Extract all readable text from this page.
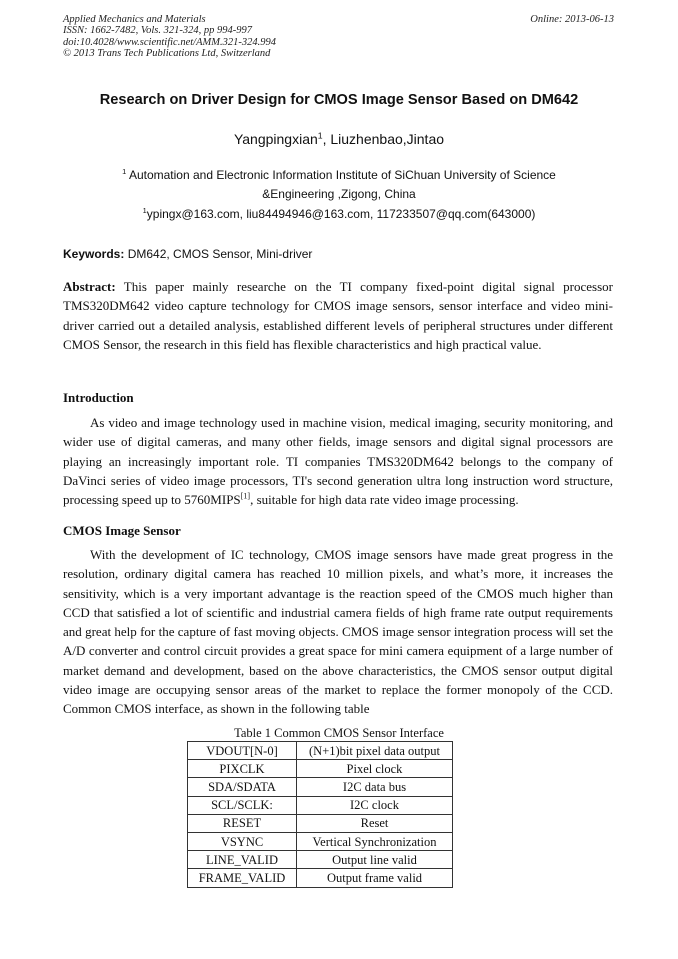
Applied Mechanics and Materials
ISSN: 1662-7482, Vols. 321-324, pp 994-997
doi:10.4028/www.scientific.net/AMM.321-324.994
© 2013 Trans Tech Publications Ltd, Switzerland
Online: 2013-06-13
Research on Driver Design for CMOS Image Sensor Based on DM642
Yangpingxian$^1$, Liuzhenbao,Jintao
$^1$ Automation and Electronic Information Institute of SiChuan University of Science
&Engineering ,Zigong, China
$^1$ypingx@163.com, liu84494946@163.com, 117233507@qq.com(643000)
Keywords: DM642, CMOS Sensor, Mini-driver
Abstract: This paper mainly researche on the TI company fixed-point digital signal processor TMS320DM642 video capture technology for CMOS image sensors, sensor interface and video mini-driver carried out a detailed analysis, established different levels of peripheral structures under different CMOS Sensor, the research in this field has flexible characteristics and high practical value.
Introduction
As video and image technology used in machine vision, medical imaging, security monitoring, and wider use of digital cameras, and many other fields, image sensors and digital signal processors are playing an increasingly important role. TI companies TMS320DM642 belongs to the company of DaVinci series of video image processors, TI's second generation ultra long instruction word structure, processing speed up to 5760MIPS[1], suitable for high data rate video image processing.
CMOS Image Sensor
With the development of IC technology, CMOS image sensors have made great progress in the resolution, ordinary digital camera has reached 10 million pixels, and what’s more, it increases the sensitivity, which is a very important advantage is the reaction speed of the CMOS much higher than CCD that satisfied a lot of scientific and industrial camera fields of high frame rate output requirements and great help for the capture of fast moving objects. CMOS image sensor integration process will set the A/D converter and control circuit provides a great space for mini camera equipment of a large number of market demand and development, based on the above characteristics, the CMOS sensor output digital video image are occupying sensor areas of the market to replace the former monopoly of the CCD. Common CMOS interface, as shown in the following table
Table 1 Common CMOS Sensor Interface
VDOUT[N-0]	(N+1)bit pixel data output
PIXCLK	Pixel clock
SDA/SDATA	I2C data bus
SCL/SCLK:	I2C clock
RESET	Reset
VSYNC	Vertical Synchronization
LINE_VALID	Output line valid
FRAME_VALID	Output frame valid
